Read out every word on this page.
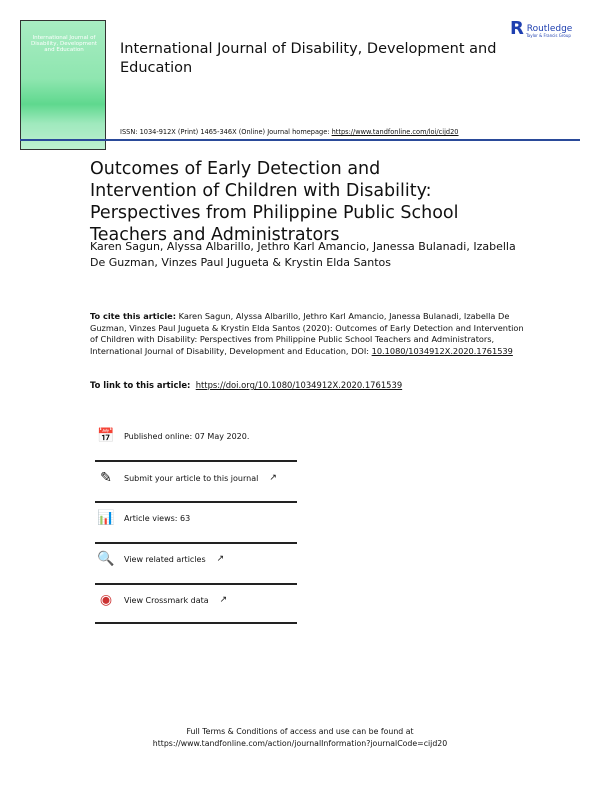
International Journal of Disability, Development and Education	International Journal of Disability, Development and Education
R Routledge
Taylor & Francis Group
ISSN: 1034-912X (Print) 1465-346X (Online) Journal homepage: https://www.tandfonline.com/loi/cijd20
Outcomes of Early Detection and Intervention of Children with Disability: Perspectives from Philippine Public School Teachers and Administrators
Karen Sagun, Alyssa Albarillo, Jethro Karl Amancio, Janessa Bulanadi, Izabella De Guzman, Vinzes Paul Jugueta & Krystin Elda Santos
To cite this article: Karen Sagun, Alyssa Albarillo, Jethro Karl Amancio, Janessa Bulanadi, Izabella De Guzman, Vinzes Paul Jugueta & Krystin Elda Santos (2020): Outcomes of Early Detection and Intervention of Children with Disability: Perspectives from Philippine Public School Teachers and Administrators, International Journal of Disability, Development and Education, DOI: 10.1080/1034912X.2020.1761539
To link to this article: https://doi.org/10.1080/1034912X.2020.1761539
📅 Published online: 07 May 2020.
✎	Submit your article to this journal ↗
📊 Article views: 63
🔍 View related articles ↗
◉	View Crossmark data ↗
Full Terms & Conditions of access and use can be found at
https://www.tandfonline.com/action/journalInformation?journalCode=cijd20
